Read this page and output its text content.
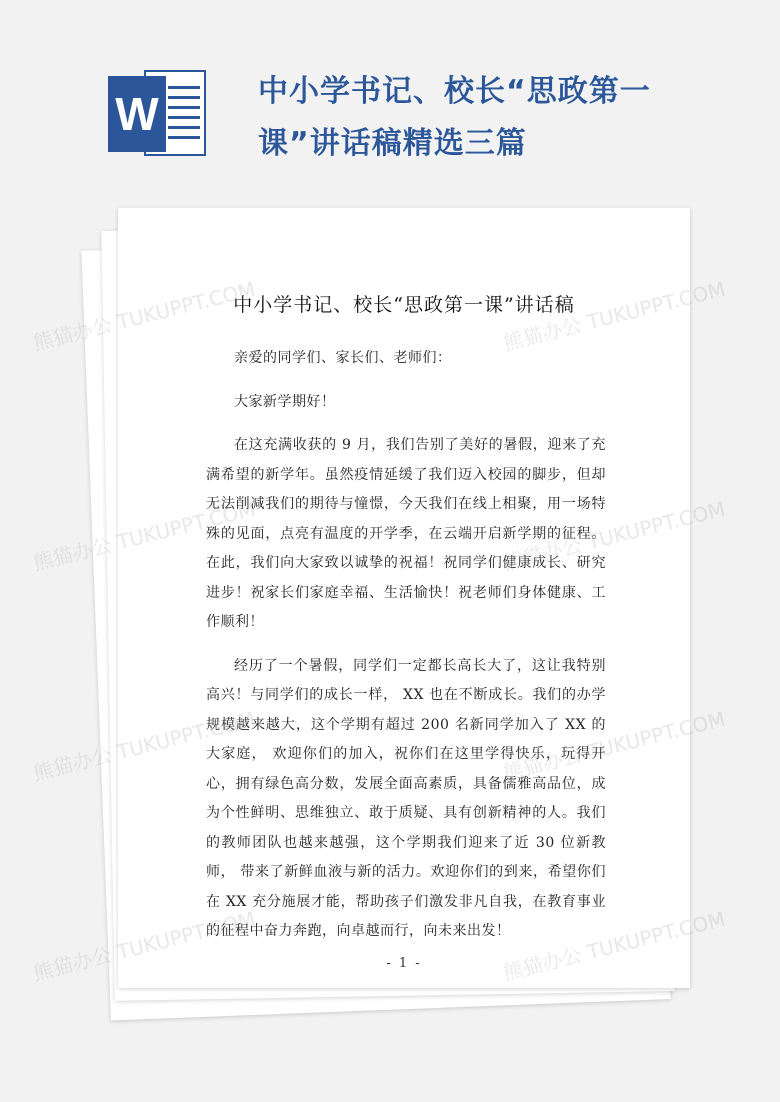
W	中小学书记、校长“思政第一课”讲话稿精选三篇
中小学书记、校长“思政第一课”讲话稿

亲爱的同学们、家长们、老师们：

大家新学期好！

在这充满收获的 9 月，我们告别了美好的暑假，迎来了充满希望的新学年。虽然疫情延缓了我们迈入校园的脚步，但却无法削减我们的期待与憧憬，今天我们在线上相聚，用一场特殊的见面，点亮有温度的开学季，在云端开启新学期的征程。在此，我们向大家致以诚挚的祝福！祝同学们健康成长、研究进步！祝家长们家庭幸福、生活愉快！祝老师们身体健康、工作顺利！

经历了一个暑假，同学们一定都长高长大了，这让我特别高兴！与同学们的成长一样， XX 也在不断成长。我们的办学规模越来越大，这个学期有超过 200 名新同学加入了 XX 的大家庭， 欢迎你们的加入，祝你们在这里学得快乐，玩得开心，拥有绿色高分数，发展全面高素质，具备儒雅高品位，成为个性鲜明、思维独立、敢于质疑、具有创新精神的人。我们的教师团队也越来越强，这个学期我们迎来了近 30 位新教师， 带来了新鲜血液与新的活力。欢迎你们的到来，希望你们在 XX 充分施展才能，帮助孩子们激发非凡自我，在教育事业的征程中奋力奔跑，向卓越而行，向未来出发！

- 1 -
熊猫办公 TUKUPPT.COM	熊猫办公 TUKUPPT.COM
熊猫办公 TUKUPPT.COM	熊猫办公 TUKUPPT.COM
熊猫办公 TUKUPPT.COM	熊猫办公 TUKUPPT.COM
熊猫办公 TUKUPPT.COM	熊猫办公 TUKUPPT.COM
